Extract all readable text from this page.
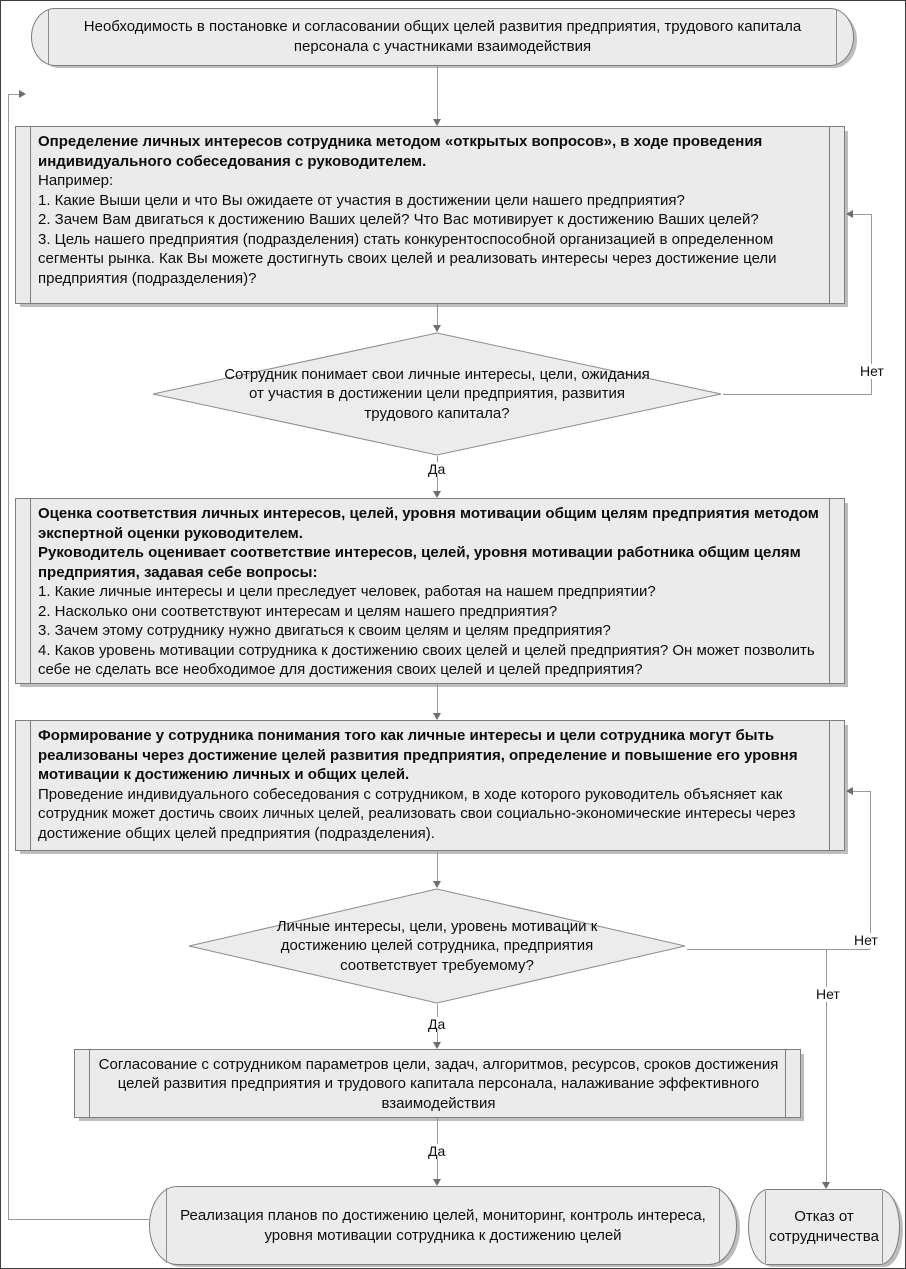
Необходимость в постановке и согласовании общих целей развития предприятия, трудового капитала персонала с участниками взаимодействия
Определение личных интересов сотрудника методом «открытых вопросов», в ходе проведения индивидуального собеседования с руководителем.
Например:
1. Какие Выши цели и что Вы ожидаете от участия в достижении цели нашего предприятия?
2. Зачем Вам двигаться к достижению Ваших целей? Что Вас мотивирует к достижению Ваших целей?
3. Цель нашего предприятия (подразделения) стать конкурентоспособной организацией в определенном сегменты рынка. Как Вы можете достигнуть своих целей и реализовать интересы через достижение цели предприятия (подразделения)?
Сотрудник понимает свои личные интересы, цели, ожидания от участия в достижении цели предприятия, развития трудового капитала?
Оценка соответствия личных интересов, целей, уровня мотивации общим целям предприятия методом экспертной оценки руководителем.
Руководитель оценивает соответствие интересов, целей, уровня мотивации работника общим целям предприятия, задавая себе вопросы:
1. Какие личные интересы и цели преследует человек, работая на нашем предприятии?
2. Насколько они соответствуют интересам и целям нашего предприятия?
3. Зачем этому сотруднику нужно двигаться к своим целям и целям предприятия?
4. Каков уровень мотивации сотрудника к достижению своих целей и целей предприятия? Он может позволить себе не сделать все необходимое для достижения своих целей и целей предприятия?
Формирование у сотрудника понимания того как личные интересы и цели сотрудника могут быть реализованы через достижение целей развития предприятия, определение и повышение его уровня мотивации к достижению личных и общих целей.
Проведение индивидуального собеседования с сотрудником, в ходе которого руководитель объясняет как сотрудник может достичь своих личных целей, реализовать свои социально-экономические интересы через достижение общих целей предприятия (подразделения).
Личные интересы, цели, уровень мотивации к достижению целей сотрудника, предприятия соответствует требуемому?
Согласование с сотрудником параметров цели, задач, алгоритмов, ресурсов, сроков достижения целей развития предприятия и трудового капитала персонала, налаживание эффективного взаимодействия
Реализация планов по достижению целей, мониторинг, контроль интереса, уровня мотивации сотрудника к достижению целей
Отказ от сотрудничества
Да
Да
Да
Нет
Нет
Нет
